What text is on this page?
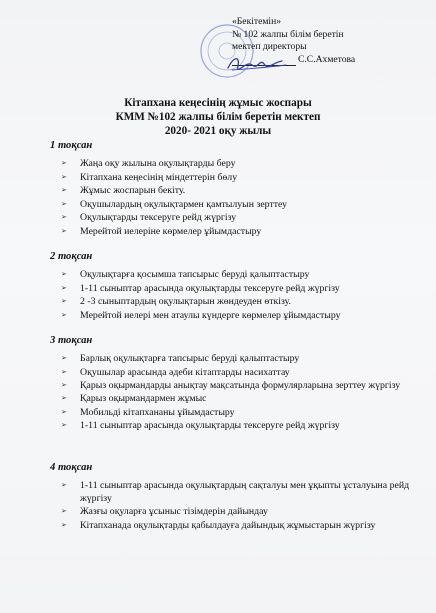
«Бекітемін»
№ 102 жалпы білім беретін
мектеп директоры
С.С.Ахметова
Кітапхана кеңесінің жұмыс жоспары
КММ №102 жалпы білім беретін мектеп
2020- 2021 оқу жылы
1 тоқсан
➢ Жаңа оқу жылына оқулықтарды беру
➢ Кітапхана кеңесінің міндеттерін бөлу
➢ Жұмыс жоспарын бекіту.
➢ Оқушылардың оқулықтармен қамтылуын зерттеу
➢ Оқулықтарды тексеруге рейд жүргізу
➢ Мерейтой иелеріне көрмелер ұйымдастыру
2 тоқсан
➢ Оқулықтарға қосымша тапсырыс беруді қалыптастыру
➢ 1-11 сыныптар арасында оқулықтарды тексеруге рейд жүргізу
➢ 2 -3 сыныптардың оқулықтарын жөндеуден өткізу.
➢ Мерейтой иелері мен атаулы күндерге көрмелер ұйымдастыру
3 тоқсан
➢ Барлық оқулықтарға тапсырыс беруді қалыптастыру
➢ Оқушылар арасында әдеби кітаптарды насихаттау
➢ Қарыз оқырмандарды анықтау мақсатында формулярларына зерттеу жүргізу
➢ Қарыз оқырмандармен жұмыс
➢ Мобильді кітапхананы ұйымдастыру
➢ 1-11 сыныптар арасында оқулықтарды тексеруге рейд жүргізу
4 тоқсан
➢ 1-11 сыныптар арасында оқулықтардың сақталуы мен ұқыпты ұсталуына рейд жүргізу
➢ Жазғы оқуларға ұсыныс тізімдерін дайындау
➢ Кітапханада оқулықтарды қабылдауға дайындық жұмыстарын жүргізу
